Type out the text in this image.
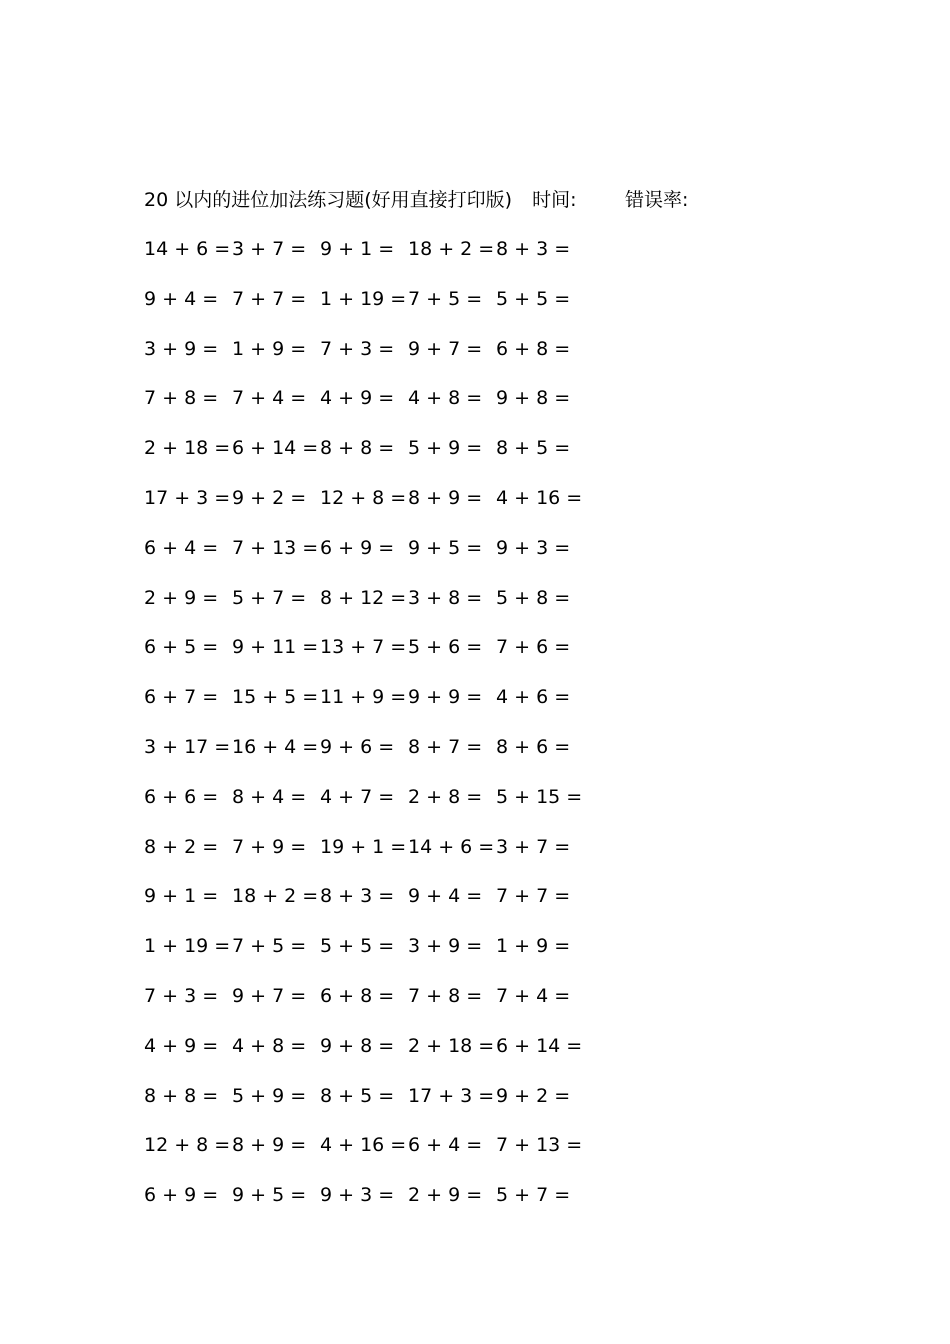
20 以内的进位加法练习题(好用直接打印版) 时间:	错误率:
14 + 6 = 3 + 7 = 9 + 1 = 18 + 2 = 8 + 3 =
9 + 4 = 7 + 7 = 1 + 19 = 7 + 5 = 5 + 5 =
3 + 9 = 1 + 9 = 7 + 3 = 9 + 7 = 6 + 8 =
7 + 8 = 7 + 4 = 4 + 9 = 4 + 8 = 9 + 8 =
2 + 18 = 6 + 14 = 8 + 8 = 5 + 9 = 8 + 5 =
17 + 3 = 9 + 2 = 12 + 8 = 8 + 9 = 4 + 16 =
6 + 4 = 7 + 13 = 6 + 9 = 9 + 5 = 9 + 3 =
2 + 9 = 5 + 7 = 8 + 12 = 3 + 8 = 5 + 8 =
6 + 5 = 9 + 11 = 13 + 7 = 5 + 6 = 7 + 6 =
6 + 7 = 15 + 5 = 11 + 9 = 9 + 9 = 4 + 6 =
3 + 17 = 16 + 4 = 9 + 6 = 8 + 7 = 8 + 6 =
6 + 6 = 8 + 4 = 4 + 7 = 2 + 8 = 5 + 15 =
8 + 2 = 7 + 9 = 19 + 1 = 14 + 6 = 3 + 7 =
9 + 1 = 18 + 2 = 8 + 3 = 9 + 4 = 7 + 7 =
1 + 19 = 7 + 5 = 5 + 5 = 3 + 9 = 1 + 9 =
7 + 3 = 9 + 7 = 6 + 8 = 7 + 8 = 7 + 4 =
4 + 9 = 4 + 8 = 9 + 8 = 2 + 18 = 6 + 14 =
8 + 8 = 5 + 9 = 8 + 5 = 17 + 3 = 9 + 2 =
12 + 8 = 8 + 9 = 4 + 16 = 6 + 4 = 7 + 13 =
6 + 9 = 9 + 5 = 9 + 3 = 2 + 9 = 5 + 7 =
